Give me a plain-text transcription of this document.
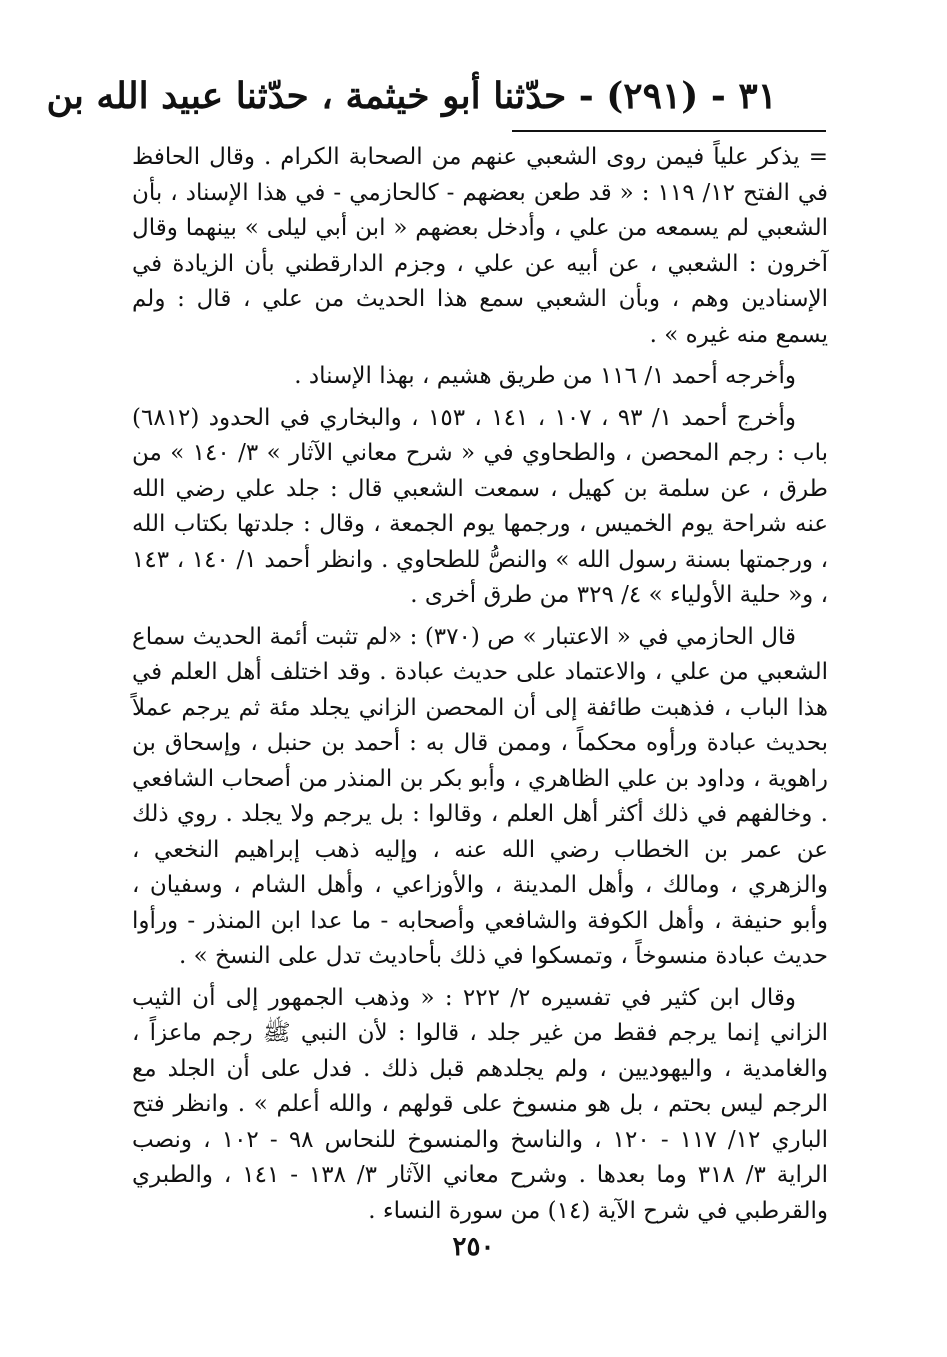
٣١ - (٢٩١) - حدّثنا أبو خيثمة ، حدّثنا عبيد الله بن

= يذكر علياً فيمن روى الشعبي عنهم من الصحابة الكرام . وقال الحافظ في الفتح ١٢/ ١١٩ : « قد طعن بعضهم - كالحازمي - في هذا الإسناد ، بأن الشعبي لم يسمعه من علي ، وأدخل بعضهم « ابن أبي ليلى » بينهما وقال آخرون : الشعبي ، عن أبيه عن علي ، وجزم الدارقطني بأن الزيادة في الإسنادين وهم ، وبأن الشعبي سمع هذا الحديث من علي ، قال : ولم يسمع منه غيره » .

وأخرجه أحمد ١/ ١١٦ من طريق هشيم ، بهذا الإسناد .

وأخرج أحمد ١/ ٩٣ ، ١٠٧ ، ١٤١ ، ١٥٣ ، والبخاري في الحدود (٦٨١٢) باب : رجم المحصن ، والطحاوي في « شرح معاني الآثار » ٣/ ١٤٠ » من طرق ، عن سلمة بن كهيل ، سمعت الشعبي قال : جلد علي رضي الله عنه شراحة يوم الخميس ، ورجمها يوم الجمعة ، وقال : جلدتها بكتاب الله ، ورجمتها بسنة رسول الله » والنصُّ للطحاوي . وانظر أحمد ١/ ١٤٠ ، ١٤٣ ، و« حلية الأولياء » ٤/ ٣٢٩ من طرق أخرى .

قال الحازمي في « الاعتبار » ص (٣٧٠) : «لم تثبت أئمة الحديث سماع الشعبي من علي ، والاعتماد على حديث عبادة . وقد اختلف أهل العلم في هذا الباب ، فذهبت طائفة إلى أن المحصن الزاني يجلد مئة ثم يرجم عملاً بحديث عبادة ورأوه محكماً ، وممن قال به : أحمد بن حنبل ، وإسحاق بن راهوية ، وداود بن علي الظاهري ، وأبو بكر بن المنذر من أصحاب الشافعي . وخالفهم في ذلك أكثر أهل العلم ، وقالوا : بل يرجم ولا يجلد . روي ذلك عن عمر بن الخطاب رضي الله عنه ، وإليه ذهب إبراهيم النخعي ، والزهري ، ومالك ، وأهل المدينة ، والأوزاعي ، وأهل الشام ، وسفيان ، وأبو حنيفة ، وأهل الكوفة والشافعي وأصحابه - ما عدا ابن المنذر - ورأوا حديث عبادة منسوخاً ، وتمسكوا في ذلك بأحاديث تدل على النسخ » .

وقال ابن كثير في تفسيره ٢/ ٢٢٢ : « وذهب الجمهور إلى أن الثيب الزاني إنما يرجم فقط من غير جلد ، قالوا : لأن النبي ﷺ رجم ماعزاً ، والغامدية ، واليهوديين ، ولم يجلدهم قبل ذلك . فدل على أن الجلد مع الرجم ليس بحتم ، بل هو منسوخ على قولهم ، والله أعلم » . وانظر فتح الباري ١٢/ ١١٧ - ١٢٠ ، والناسخ والمنسوخ للنحاس ٩٨ - ١٠٢ ، ونصب الراية ٣/ ٣١٨ وما بعدها . وشرح معاني الآثار ٣/ ١٣٨ - ١٤١ ، والطبري والقرطبي في شرح الآية (١٤) من سورة النساء .

٢٥٠
